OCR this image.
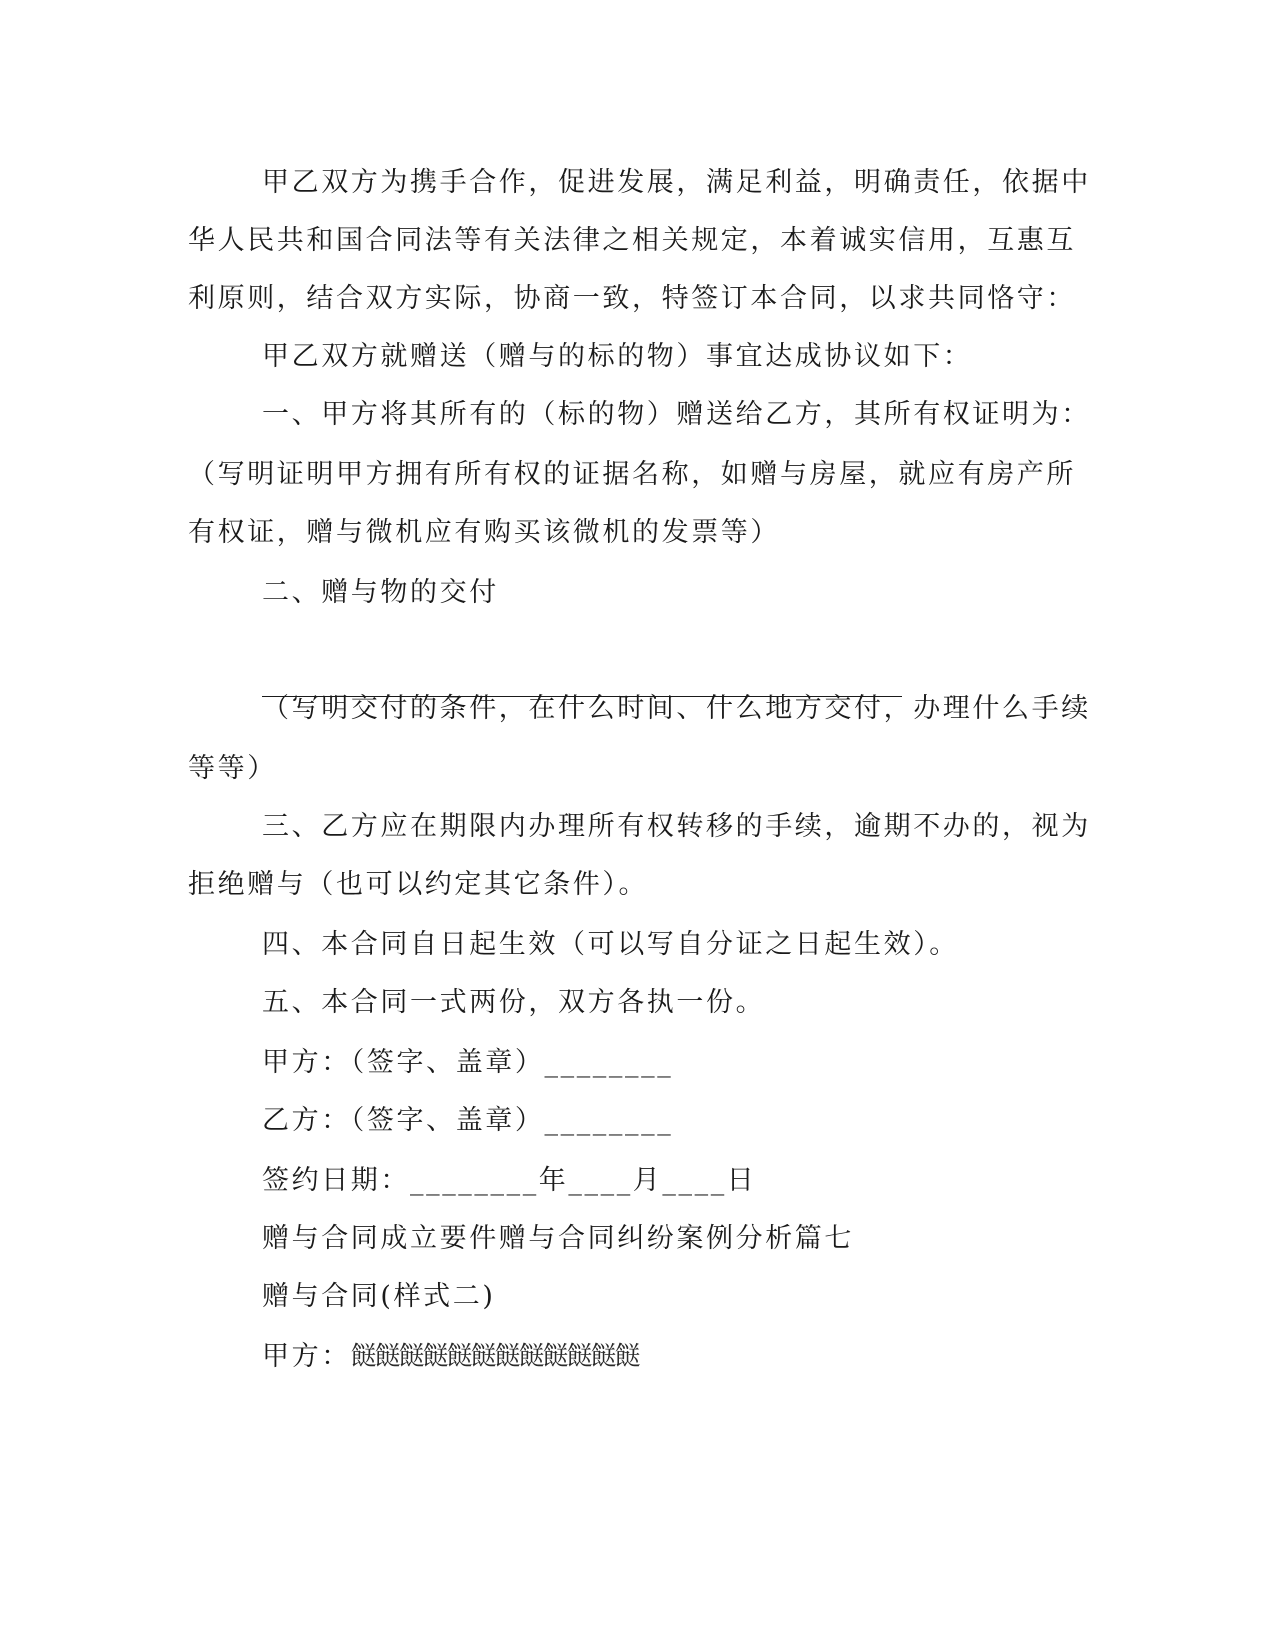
甲乙双方为携手合作，促进发展，满足利益，明确责任，依据中
华人民共和国合同法等有关法律之相关规定，本着诚实信用，互惠互
利原则，结合双方实际，协商一致，特签订本合同，以求共同恪守：
甲乙双方就赠送（赠与的标的物）事宜达成协议如下：
一、甲方将其所有的（标的物）赠送给乙方，其所有权证明为：
（写明证明甲方拥有所有权的证据名称，如赠与房屋，就应有房产所
有权证，赠与微机应有购买该微机的发票等）
二、赠与物的交付
（写明交付的条件，在什么时间、什么地方交付，办理什么手续
等等）
三、乙方应在期限内办理所有权转移的手续，逾期不办的，视为
拒绝赠与（也可以约定其它条件）。
四、本合同自日起生效（可以写自分证之日起生效）。
五、本合同一式两份，双方各执一份。
甲方：（签字、盖章）________
乙方：（签字、盖章）________
签约日期：________年____月____日
赠与合同成立要件赠与合同纠纷案例分析篇七
赠与合同(样式二)
甲方：餸餸餸餸餸餸餸餸餸餸餸餸
